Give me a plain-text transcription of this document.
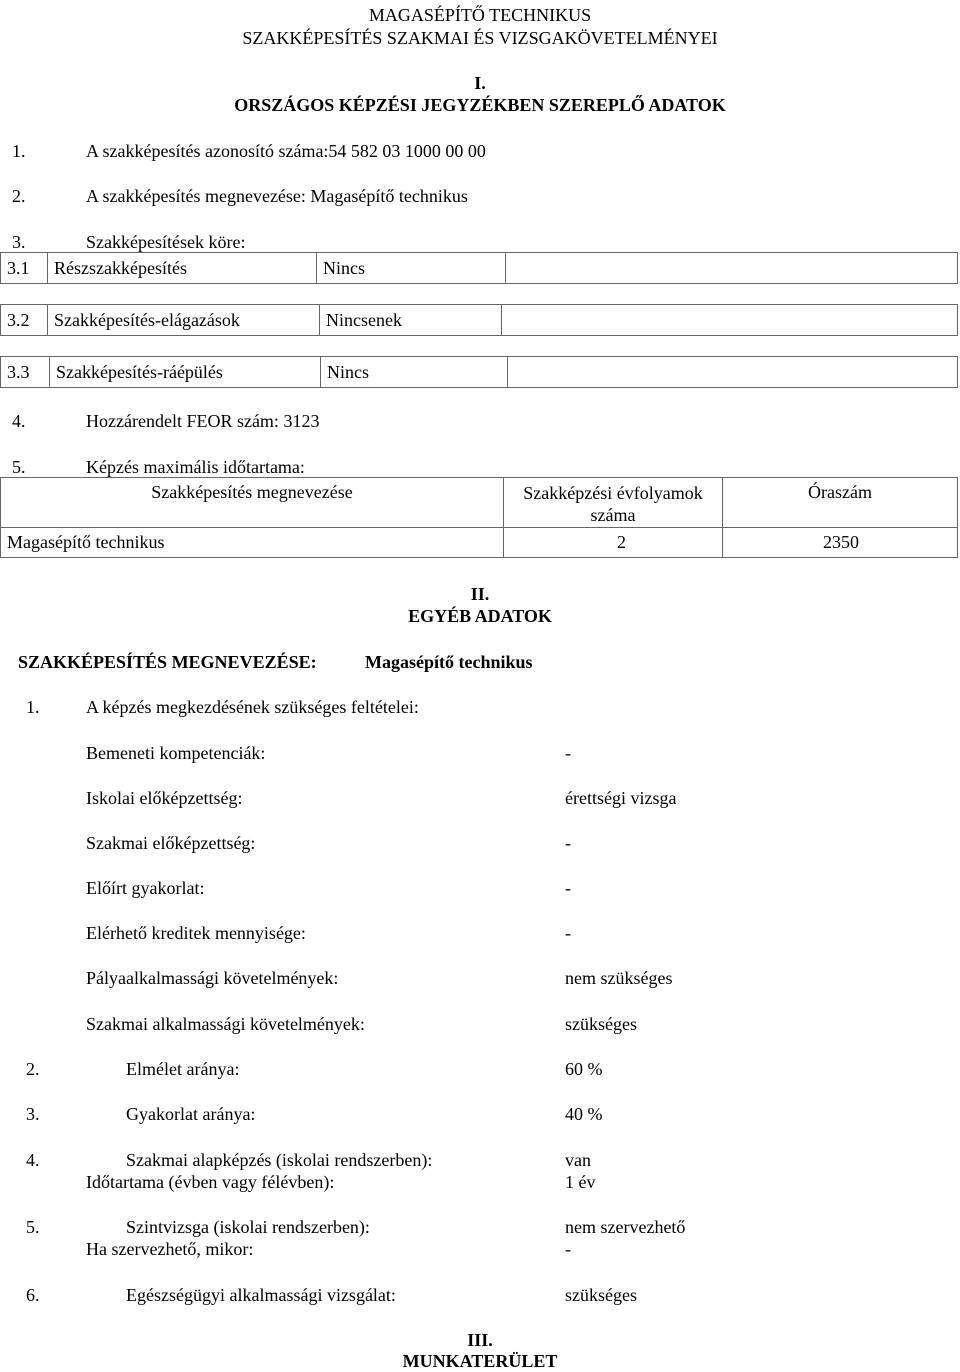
MAGASÉPÍTŐ TECHNIKUS
SZAKKÉPESÍTÉS SZAKMAI ÉS VIZSGAKÖVETELMÉNYEI
I.
ORSZÁGOS KÉPZÉSI JEGYZÉKBEN SZEREPLŐ ADATOK
1.	A szakképesítés azonosító száma:54 582 03 1000 00 00
2.	A szakképesítés megnevezése: Magasépítő technikus
3.	Szakképesítések köre:
3.1	Részszakképesítés	Nincs	
3.2	Szakképesítés-elágazások	Nincsenek	
3.3	Szakképesítés-ráépülés	Nincs	
4.	Hozzárendelt FEOR szám: 3123
5.	Képzés maximális időtartama:
Szakképesítés megnevezése	Szakképzési évfolyamok száma	Óraszám
Magasépítő technikus	2	2350
II.
EGYÉB ADATOK
SZAKKÉPESÍTÉS MEGNEVEZÉSE:	Magasépítő technikus
1.	A képzés megkezdésének szükséges feltételei:
Bemeneti kompetenciák:	-
Iskolai előképzettség:	érettségi vizsga
Szakmai előképzettség:	-
Előírt gyakorlat:	-
Elérhető kreditek mennyisége:	-
Pályaalkalmassági követelmények:	nem szükséges
Szakmai alkalmassági követelmények:	szükséges
2.	Elmélet aránya:	60 %
3.	Gyakorlat aránya:	40 %
4.	Szakmai alapképzés (iskolai rendszerben):	van
Időtartama (évben vagy félévben):	1 év
5.	Szintvizsga (iskolai rendszerben):	nem szervezhető
Ha szervezhető, mikor:	-
6.	Egészségügyi alkalmassági vizsgálat:	szükséges
III.
MUNKATERÜLET
